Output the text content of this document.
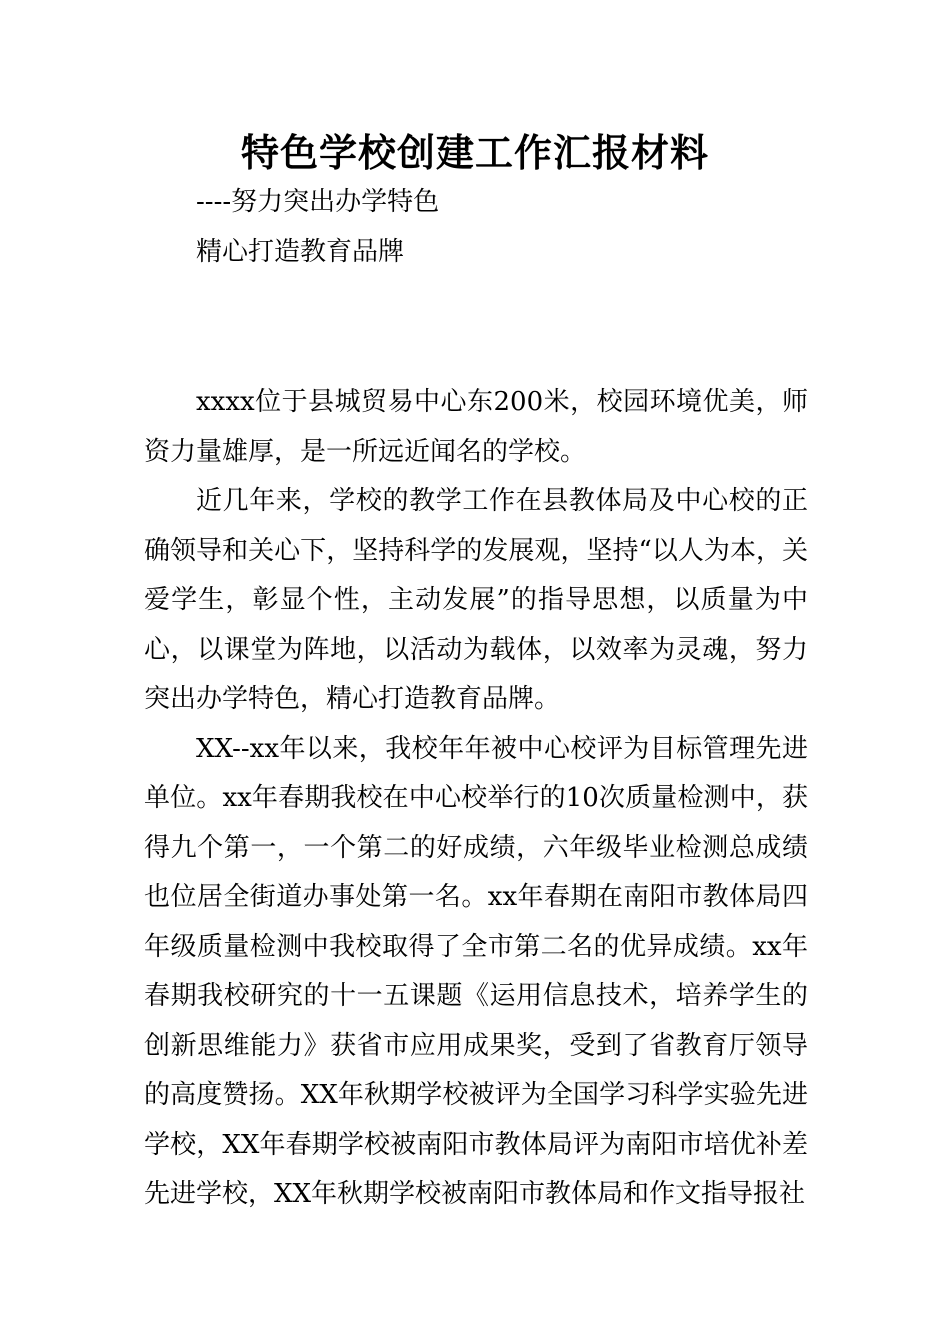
特色学校创建工作汇报材料

----努力突出办学特色

精心打造教育品牌

xxxx位于县城贸易中心东200米，校园环境优美，师资力量雄厚，是一所远近闻名的学校。

近几年来，学校的教学工作在县教体局及中心校的正确领导和关心下，坚持科学的发展观，坚持“以人为本，关爱学生，彰显个性，主动发展”的指导思想，以质量为中心，以课堂为阵地，以活动为载体，以效率为灵魂，努力突出办学特色，精心打造教育品牌。

XX--xx年以来，我校年年被中心校评为目标管理先进单位。xx年春期我校在中心校举行的10次质量检测中，获得九个第一，一个第二的好成绩，六年级毕业检测总成绩也位居全街道办事处第一名。xx年春期在南阳市教体局四年级质量检测中我校取得了全市第二名的优异成绩。xx年春期我校研究的十一五课题《运用信息技术，培养学生的创新思维能力》获省市应用成果奖，受到了省教育厅领导的高度赞扬。XX年秋期学校被评为全国学习科学实验先进学校，XX年春期学校被南阳市教体局评为南阳市培优补差先进学校，XX年秋期学校被南阳市教体局和作文指导报社
